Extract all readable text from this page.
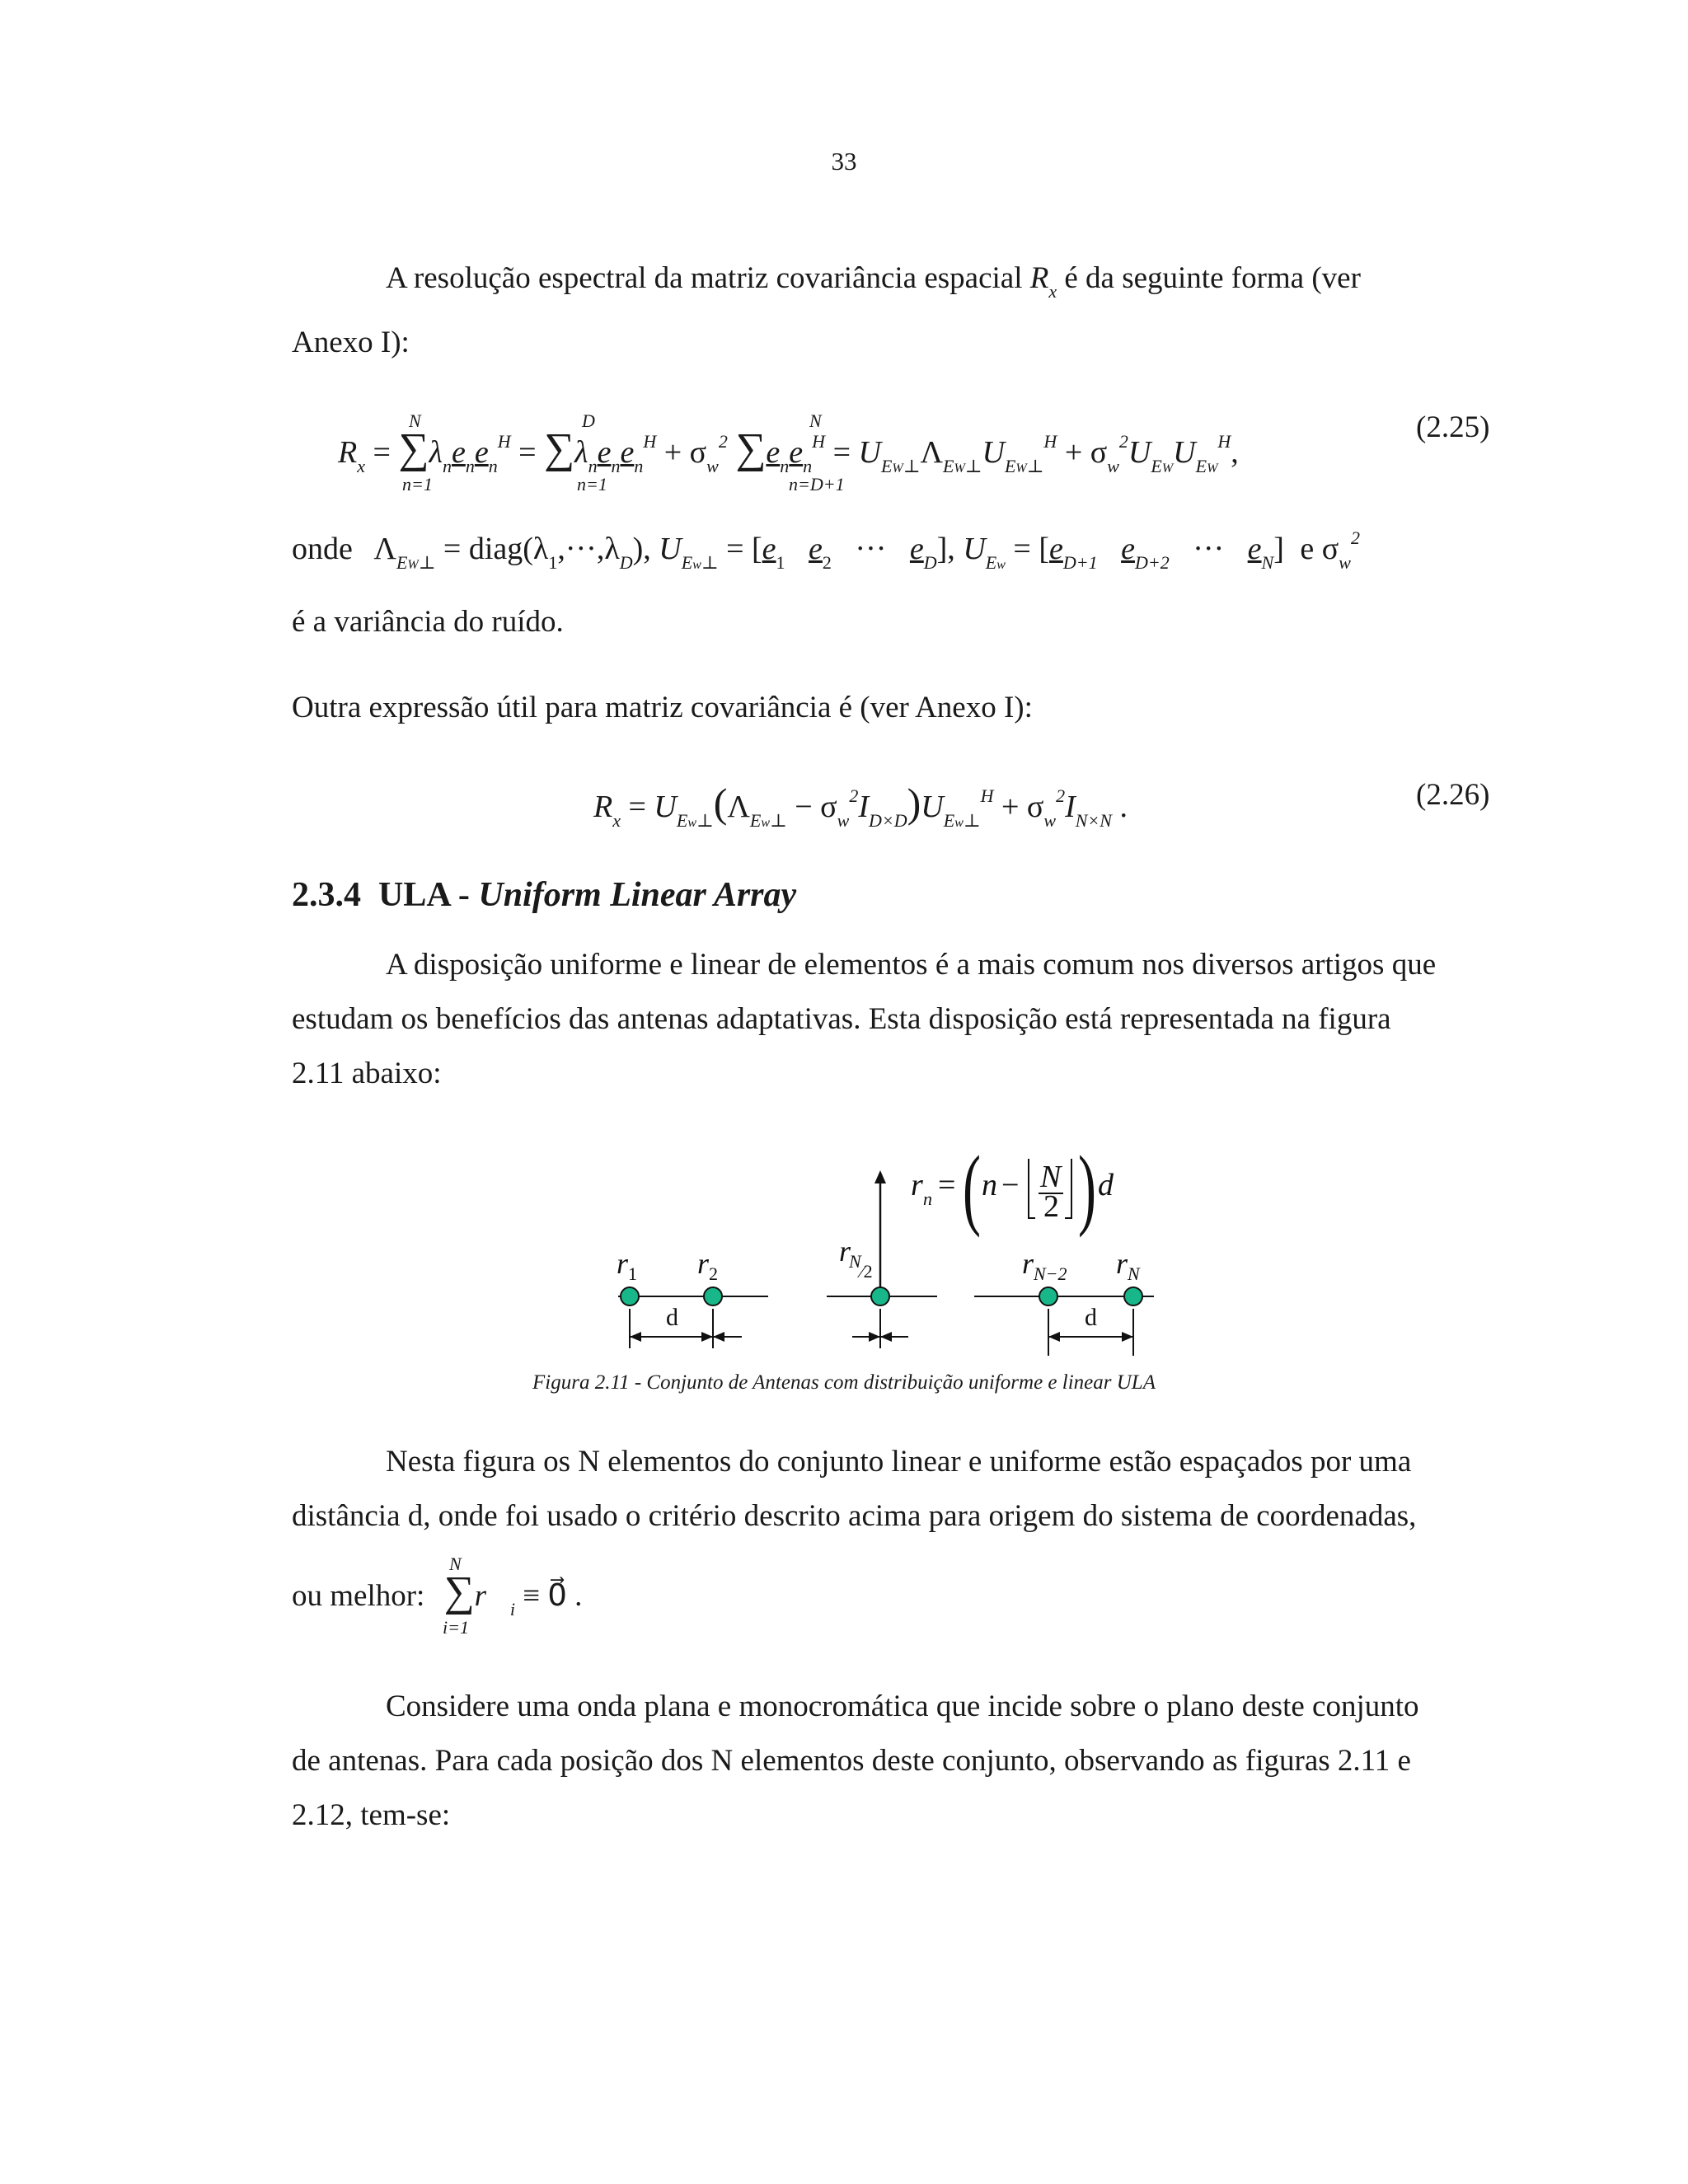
33
A resolução espectral da matriz covariância espacial $R_x$ é da seguinte forma (ver
Anexo I):
$R_x = \sum\lambda_ne_ne_n^H = \sum\lambda_ne_ne_n^H + \sigma_w^2$ $\sum e_ne_n^H = U_{EW\perp}\Lambda_{EW\perp}U_{EW\perp}^H + \sigma_w^2U_{EW}U_{EW}^H$,
N
n=1
D
n=1
N
n=D+1
(2.25)
onde $\Lambda_{EW\perp}$ = $diag(\lambda_1,\cdot\cdot\cdot,\lambda_D)$, $U_{Ew\perp} = [e_1$ $e_2$ ··· $e_D$], $U_{Ew} = [e_{D+1}$ $e_{D+2}$ ··· $e_N$] e $\sigma_w^2$
é a variância do ruído.
Outra expressão útil para matriz covariância é (ver Anexo I):
$R_x = U_{Ew\perp}(\Lambda_{Ew\perp} - \sigma_w^2I_{D\times D})U_{Ew\perp}^H + \sigma_w^2I_{N\times N}$ .	(2.26)
2.3.4 ULA - Uniform Linear Array
A disposição uniforme e linear de elementos é a mais comum nos diversos artigos que
estudam os benefícios das antenas adaptativas. Esta disposição está representada na figura
2.11 abaixo:
r n = ( n − N
2 ) d
r 1 r 2
r
N ⁄2	r N−2 r N
d	d
Figura 2.11 - Conjunto de Antenas com distribuição uniforme e linear ULA
Nesta figura os N elementos do conjunto linear e uniforme estão espaçados por uma
distância d, onde foi usado o critério descrito acima para origem do sistema de coordenadas,
ou melhor: $\sum r⃗_i$ ≡ 0⃗ .
N
i=1
Considere uma onda plana e monocromática que incide sobre o plano deste conjunto
de antenas. Para cada posição dos N elementos deste conjunto, observando as figuras 2.11 e
2.12, tem-se:
